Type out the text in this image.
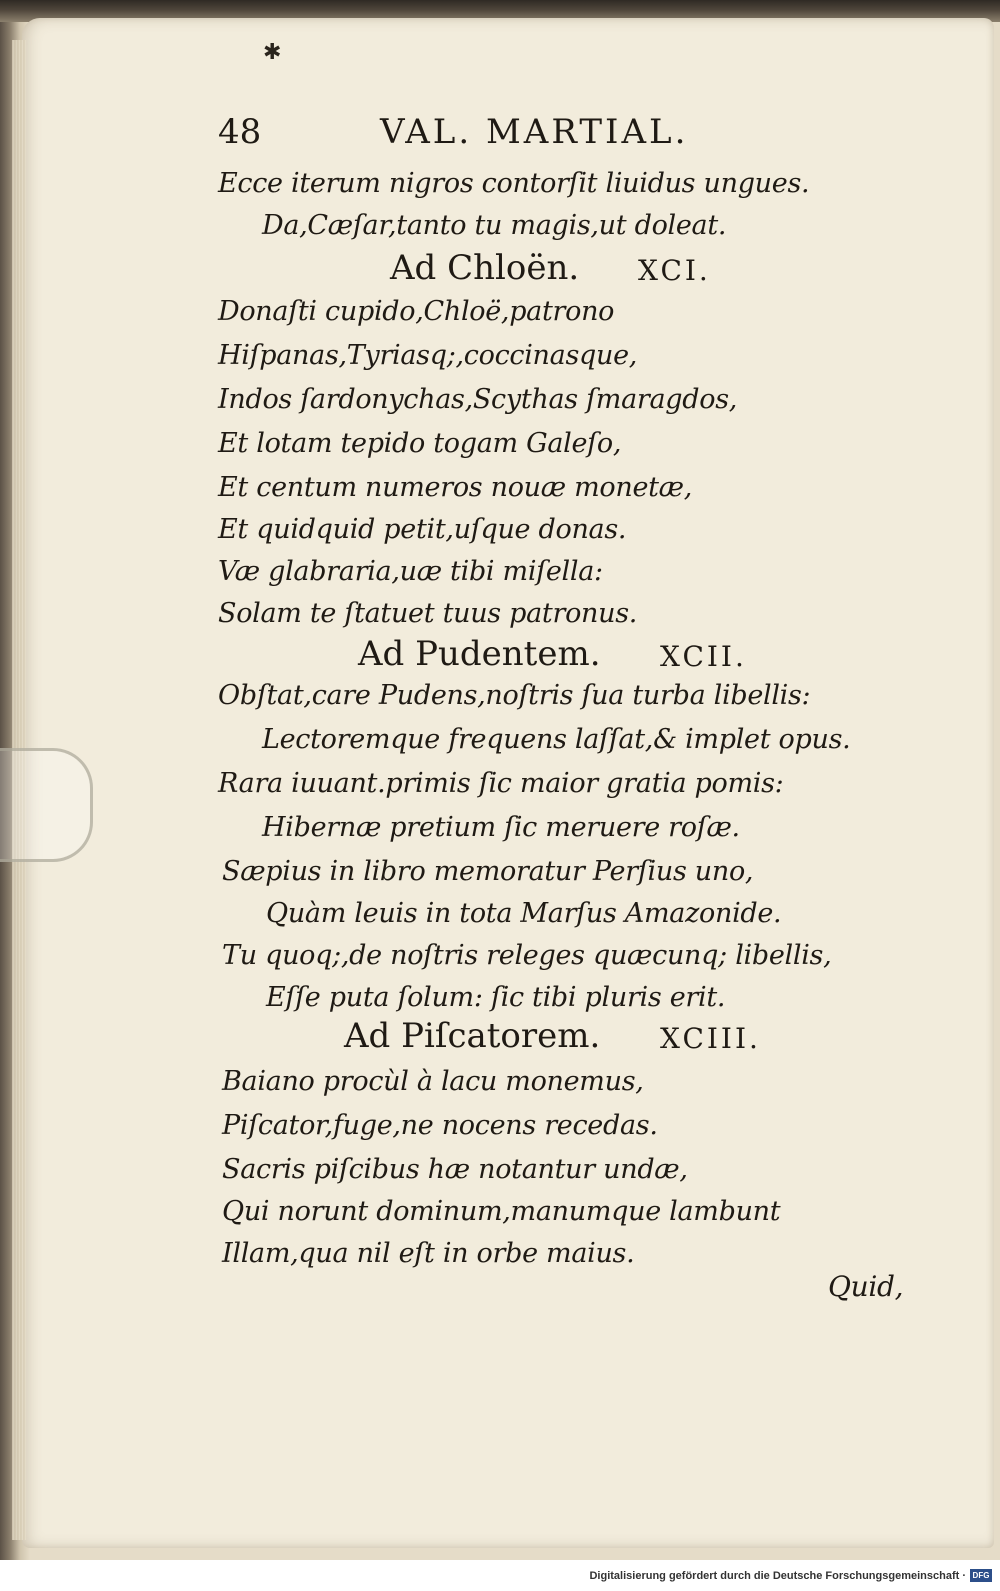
✱
48	VAL. MARTIAL.
Ecce iterum nigros contorſit liuidus ungues.
Da,Cæſar,tanto tu magis,ut doleat.
Ad Chloën. XCI.
Donaſti cupido,Chloë,patrono
Hiſpanas,Tyriasq;,coccinasque,
Indos ſardonychas,Scythas ſmaragdos,
Et lotam tepido togam Galeſo,
Et centum numeros nouæ monetæ,
Et quidquid petit,uſque donas.
Væ glabraria,uæ tibi miſella:
Solam te ſtatuet tuus patronus.
Ad Pudentem. XCII.
Obſtat,care Pudens,noſtris ſua turba libellis:
Lectoremque frequens laſſat,& implet opus.
Rara iuuant.primis ſic maior gratia pomis:
Hibernæ pretium ſic meruere roſæ.
Sæpius in libro memoratur Perſius uno,
Quàm leuis in tota Marſus Amazonide.
Tu quoq;,de noſtris releges quæcunq; libellis,
Eſſe puta ſolum: ſic tibi pluris erit.
Ad Piſcatorem. XCIII.
Baiano procùl à lacu monemus,
Piſcator,fuge,ne nocens recedas.
Sacris piſcibus hæ notantur undæ,
Qui norunt dominum,manumque lambunt
Illam,qua nil eſt in orbe maius.
Quid,
Digitalisierung gefördert durch die Deutsche Forschungsgemeinschaft · DFG
